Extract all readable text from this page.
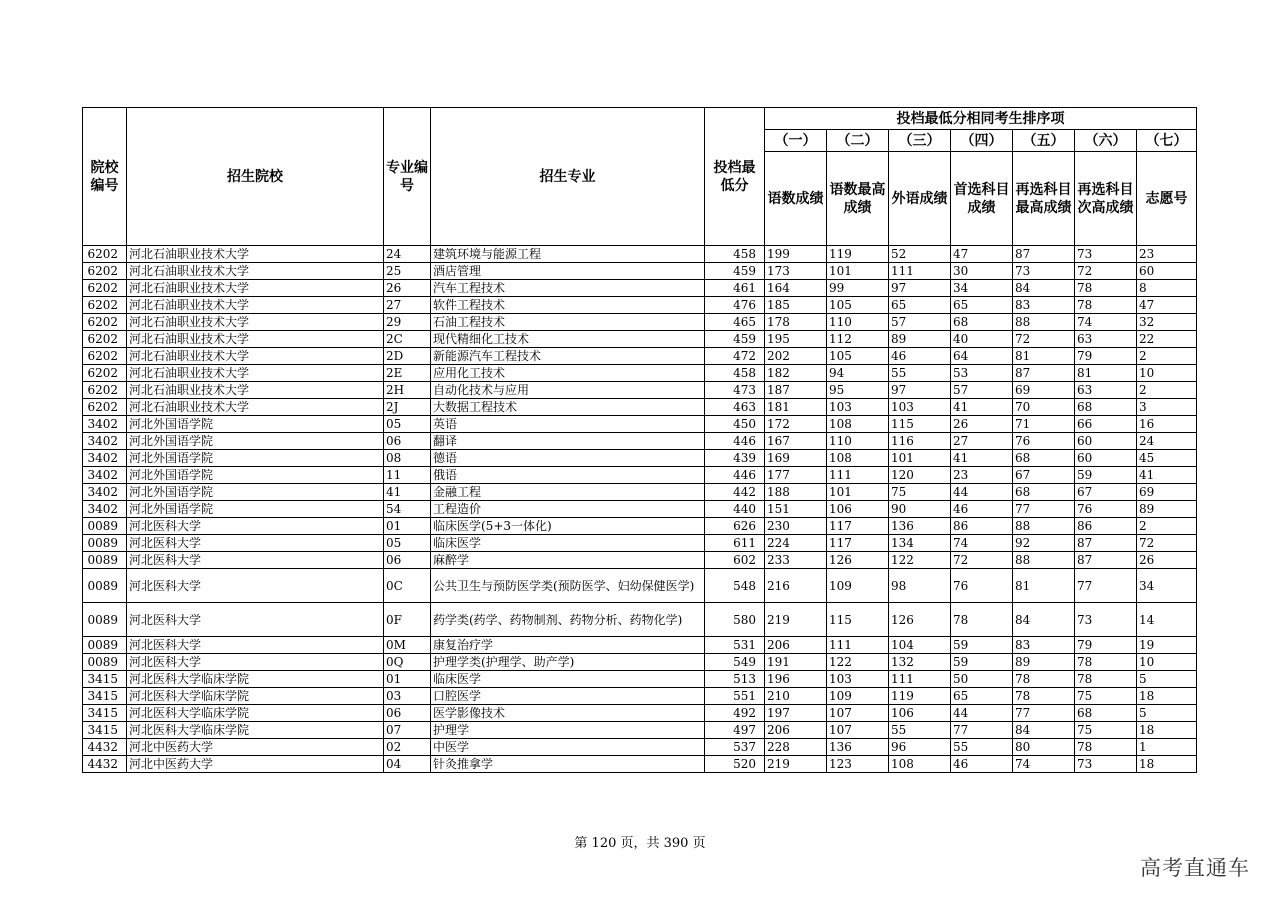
院校编号	招生院校	专业编号	招生专业	投档最低分	投档最低分相同考生排序项						
					（一）	（二）	（三）	（四）	（五）	（六）	（七）
					语数成绩	语数最高成绩	外语成绩	首选科目成绩	再选科目最高成绩	再选科目次高成绩	志愿号
6202	河北石油职业技术大学	24	建筑环境与能源工程	458	199	119	52	47	87	73	23
6202	河北石油职业技术大学	25	酒店管理	459	173	101	111	30	73	72	60
6202	河北石油职业技术大学	26	汽车工程技术	461	164	99	97	34	84	78	8
6202	河北石油职业技术大学	27	软件工程技术	476	185	105	65	65	83	78	47
6202	河北石油职业技术大学	29	石油工程技术	465	178	110	57	68	88	74	32
6202	河北石油职业技术大学	2C	现代精细化工技术	459	195	112	89	40	72	63	22
6202	河北石油职业技术大学	2D	新能源汽车工程技术	472	202	105	46	64	81	79	2
6202	河北石油职业技术大学	2E	应用化工技术	458	182	94	55	53	87	81	10
6202	河北石油职业技术大学	2H	自动化技术与应用	473	187	95	97	57	69	63	2
6202	河北石油职业技术大学	2J	大数据工程技术	463	181	103	103	41	70	68	3
3402	河北外国语学院	05	英语	450	172	108	115	26	71	66	16
3402	河北外国语学院	06	翻译	446	167	110	116	27	76	60	24
3402	河北外国语学院	08	德语	439	169	108	101	41	68	60	45
3402	河北外国语学院	11	俄语	446	177	111	120	23	67	59	41
3402	河北外国语学院	41	金融工程	442	188	101	75	44	68	67	69
3402	河北外国语学院	54	工程造价	440	151	106	90	46	77	76	89
0089	河北医科大学	01	临床医学(5+3一体化)	626	230	117	136	86	88	86	2
0089	河北医科大学	05	临床医学	611	224	117	134	74	92	87	72
0089	河北医科大学	06	麻醉学	602	233	126	122	72	88	87	26
0089	河北医科大学	0C	公共卫生与预防医学类(预防医学、妇幼保健医学)	548	216	109	98	76	81	77	34
0089	河北医科大学	0F	药学类(药学、药物制剂、药物分析、药物化学)	580	219	115	126	78	84	73	14
0089	河北医科大学	0M	康复治疗学	531	206	111	104	59	83	79	19
0089	河北医科大学	0Q	护理学类(护理学、助产学)	549	191	122	132	59	89	78	10
3415	河北医科大学临床学院	01	临床医学	513	196	103	111	50	78	78	5
3415	河北医科大学临床学院	03	口腔医学	551	210	109	119	65	78	75	18
3415	河北医科大学临床学院	06	医学影像技术	492	197	107	106	44	77	68	5
3415	河北医科大学临床学院	07	护理学	497	206	107	55	77	84	75	18
4432	河北中医药大学	02	中医学	537	228	136	96	55	80	78	1
4432	河北中医药大学	04	针灸推拿学	520	219	123	108	46	74	73	18
第 120 页，共 390 页
高考直通车
